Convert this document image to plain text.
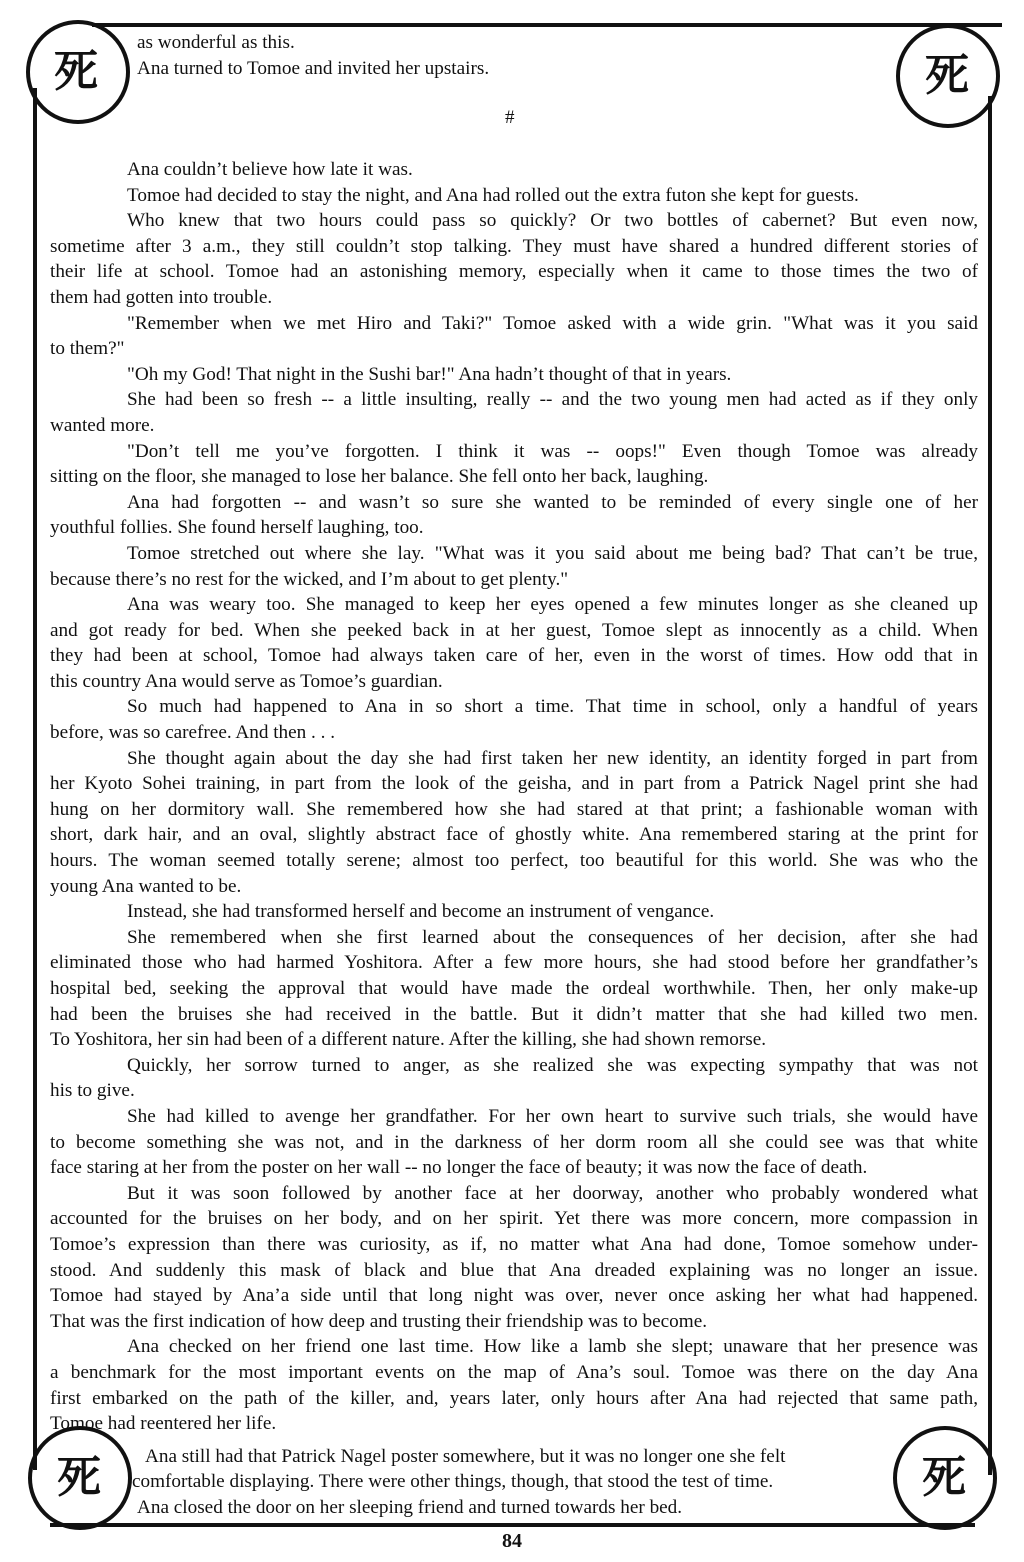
死	死
死	死
as wonderful as this.
Ana turned to Tomoe and invited her upstairs.
#
Ana couldn’t believe how late it was.
Tomoe had decided to stay the night, and Ana had rolled out the extra futon she kept for guests.
Who knew that two hours could pass so quickly? Or two bottles of cabernet? But even now,
sometime after 3 a.m., they still couldn’t stop talking. They must have shared a hundred different stories of
their life at school. Tomoe had an astonishing memory, especially when it came to those times the two of
them had gotten into trouble.
"Remember when we met Hiro and Taki?" Tomoe asked with a wide grin. "What was it you said
to them?"
"Oh my God! That night in the Sushi bar!" Ana hadn’t thought of that in years.
She had been so fresh -- a little insulting, really -- and the two young men had acted as if they only
wanted more.
"Don’t tell me you’ve forgotten. I think it was -- oops!" Even though Tomoe was already
sitting on the floor, she managed to lose her balance. She fell onto her back, laughing.
Ana had forgotten -- and wasn’t so sure she wanted to be reminded of every single one of her
youthful follies. She found herself laughing, too.
Tomoe stretched out where she lay. "What was it you said about me being bad? That can’t be true,
because there’s no rest for the wicked, and I’m about to get plenty."
Ana was weary too. She managed to keep her eyes opened a few minutes longer as she cleaned up
and got ready for bed. When she peeked back in at her guest, Tomoe slept as innocently as a child. When
they had been at school, Tomoe had always taken care of her, even in the worst of times. How odd that in
this country Ana would serve as Tomoe’s guardian.
So much had happened to Ana in so short a time. That time in school, only a handful of years
before, was so carefree. And then . . .
She thought again about the day she had first taken her new identity, an identity forged in part from
her Kyoto Sohei training, in part from the look of the geisha, and in part from a Patrick Nagel print she had
hung on her dormitory wall. She remembered how she had stared at that print; a fashionable woman with
short, dark hair, and an oval, slightly abstract face of ghostly white. Ana remembered staring at the print for
hours. The woman seemed totally serene; almost too perfect, too beautiful for this world. She was who the
young Ana wanted to be.
Instead, she had transformed herself and become an instrument of vengance.
She remembered when she first learned about the consequences of her decision, after she had
eliminated those who had harmed Yoshitora. After a few more hours, she had stood before her grandfather’s
hospital bed, seeking the approval that would have made the ordeal worthwhile. Then, her only make-up
had been the bruises she had received in the battle. But it didn’t matter that she had killed two men.
To Yoshitora, her sin had been of a different nature. After the killing, she had shown remorse.
Quickly, her sorrow turned to anger, as she realized she was expecting sympathy that was not
his to give.
She had killed to avenge her grandfather. For her own heart to survive such trials, she would have
to become something she was not, and in the darkness of her dorm room all she could see was that white
face staring at her from the poster on her wall -- no longer the face of beauty; it was now the face of death.
But it was soon followed by another face at her doorway, another who probably wondered what
accounted for the bruises on her body, and on her spirit. Yet there was more concern, more compassion in
Tomoe’s expression than there was curiosity, as if, no matter what Ana had done, Tomoe somehow under-
stood. And suddenly this mask of black and blue that Ana dreaded explaining was no longer an issue.
Tomoe had stayed by Ana’a side until that long night was over, never once asking her what had happened.
That was the first indication of how deep and trusting their friendship was to become.
Ana checked on her friend one last time. How like a lamb she slept; unaware that her presence was
a benchmark for the most important events on the map of Ana’s soul. Tomoe was there on the day Ana
first embarked on the path of the killer, and, years later, only hours after Ana had rejected that same path,
Tomoe had reentered her life.
Ana still had that Patrick Nagel poster somewhere, but it was no longer one she felt
comfortable displaying. There were other things, though, that stood the test of time.
Ana closed the door on her sleeping friend and turned towards her bed.
84
